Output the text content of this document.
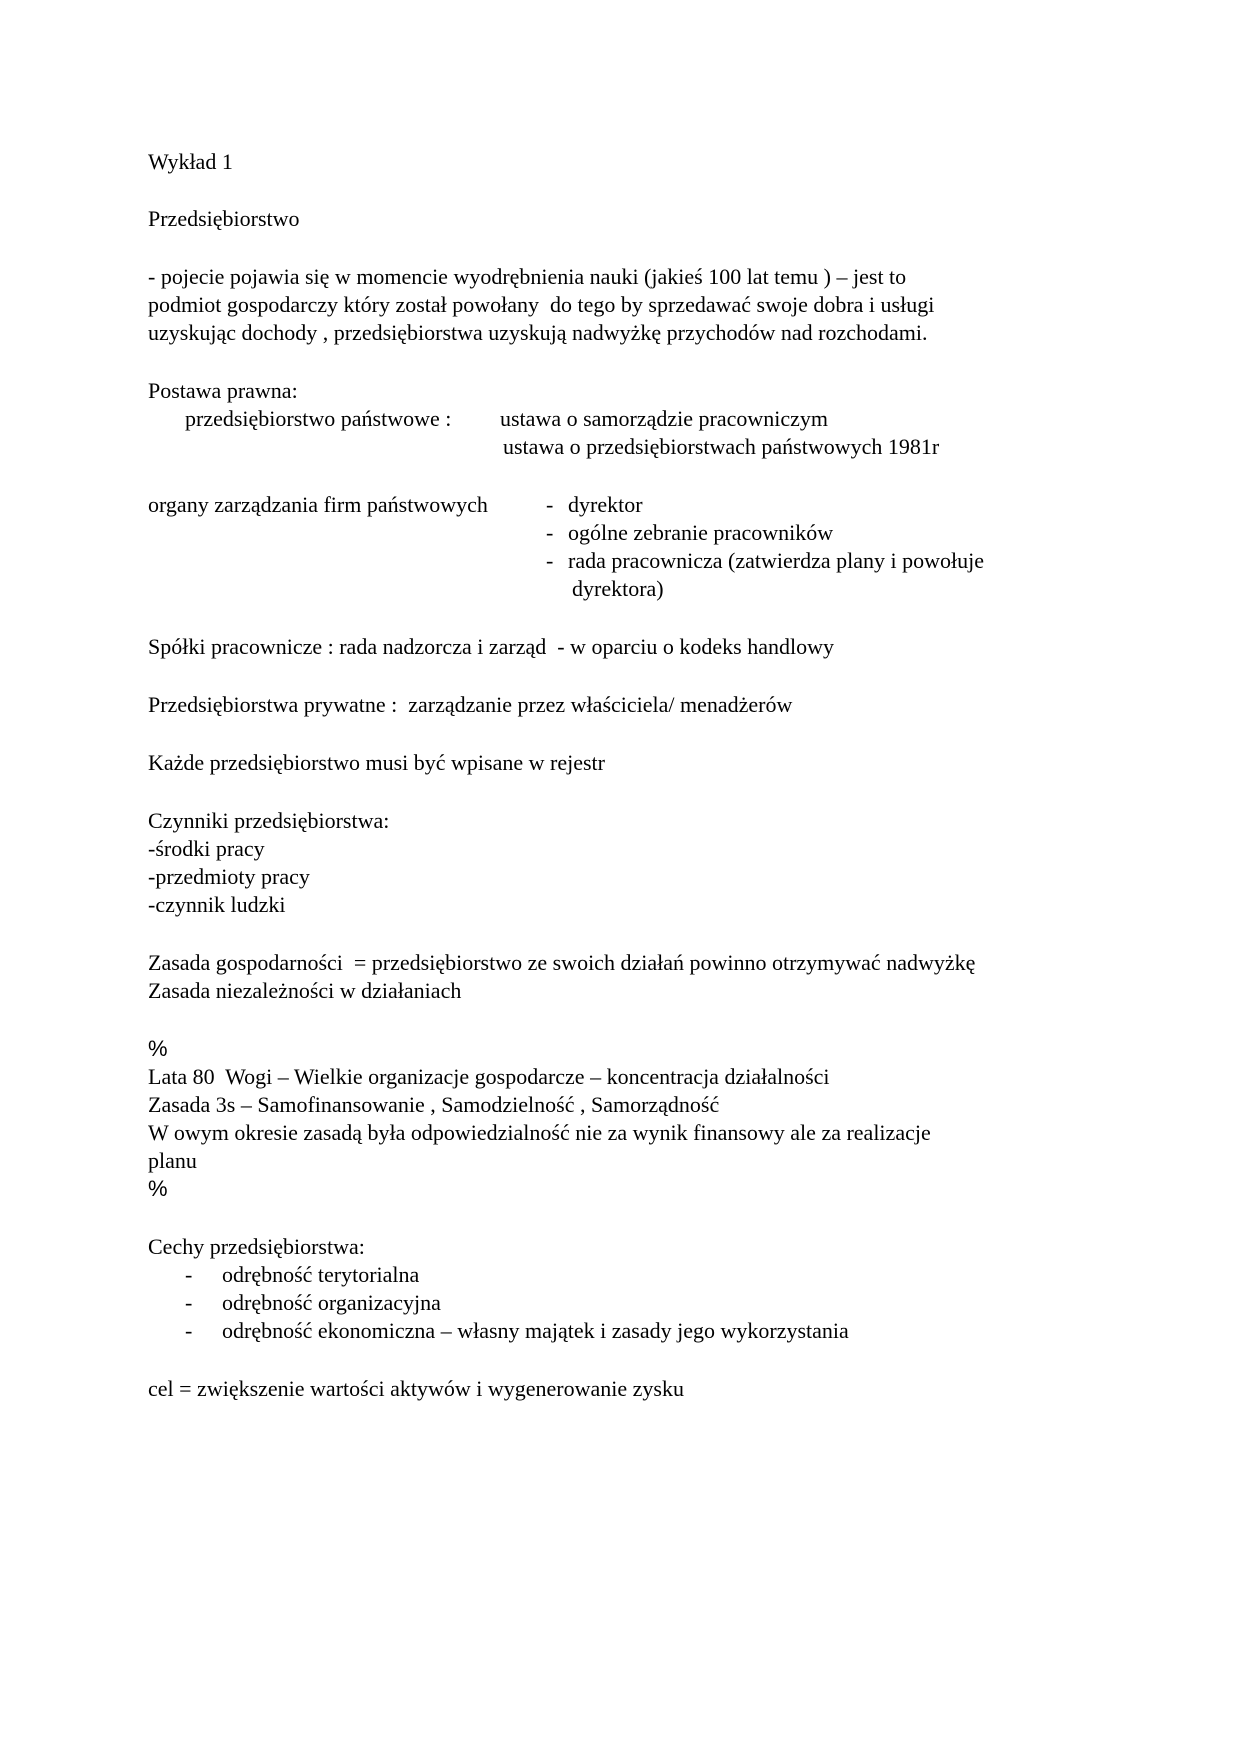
Wykład 1
Przedsiębiorstwo
- pojecie pojawia się w momencie wyodrębnienia nauki (jakieś 100 lat temu ) – jest to
podmiot gospodarczy który został powołany  do tego by sprzedawać swoje dobra i usługi
uzyskując dochody , przedsiębiorstwa uzyskują nadwyżkę przychodów nad rozchodami.
Postawa prawna:
przedsiębiorstwo państwowe : ustawa o samorządzie pracowniczym
ustawa o przedsiębiorstwach państwowych 1981r
organy zarządzania firm państwowych	- dyrektor
- ogólne zebranie pracowników
- rada pracownicza (zatwierdza plany i powołuje
dyrektora)
Spółki pracownicze : rada nadzorcza i zarząd  - w oparciu o kodeks handlowy
Przedsiębiorstwa prywatne :  zarządzanie przez właściciela/ menadżerów
Każde przedsiębiorstwo musi być wpisane w rejestr
Czynniki przedsiębiorstwa:
-środki pracy
-przedmioty pracy
-czynnik ludzki
Zasada gospodarności  = przedsiębiorstwo ze swoich działań powinno otrzymywać nadwyżkę
Zasada niezależności w działaniach
%
Lata 80  Wogi – Wielkie organizacje gospodarcze – koncentracja działalności
Zasada 3s – Samofinansowanie , Samodzielność , Samorządność
W owym okresie zasadą była odpowiedzialność nie za wynik finansowy ale za realizacje
planu
%
Cechy przedsiębiorstwa:
- odrębność terytorialna
- odrębność organizacyjna
- odrębność ekonomiczna – własny majątek i zasady jego wykorzystania
cel = zwiększenie wartości aktywów i wygenerowanie zysku
